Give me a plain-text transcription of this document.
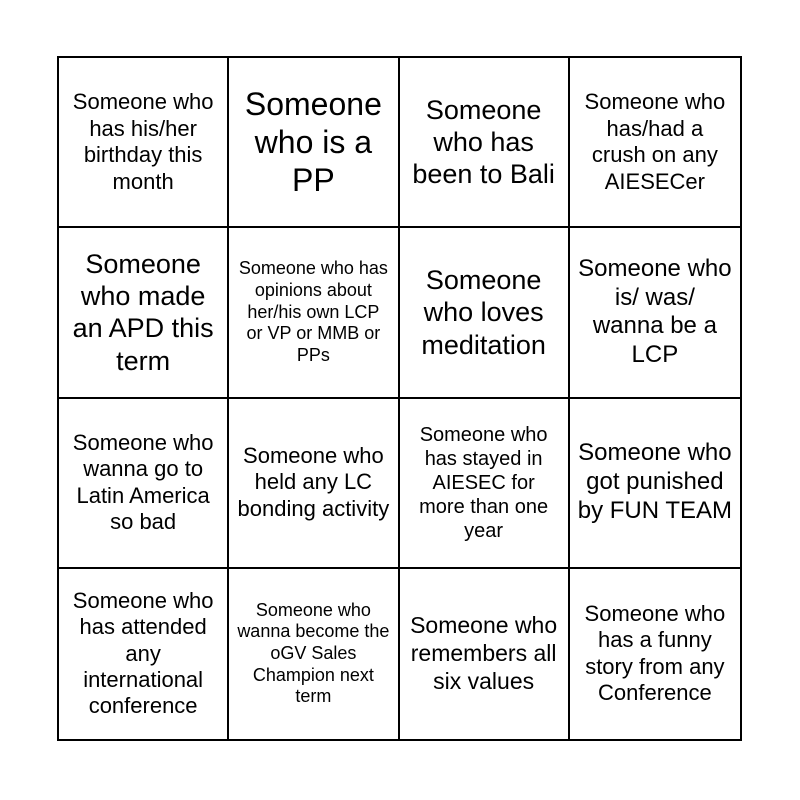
Someone who has his/her birthday this month
Someone who is a PP
Someone who has been to Bali
Someone who has/had a crush on any AIESECer
Someone who made an APD this term
Someone who has opinions about her/his own LCP or VP or MMB or PPs
Someone who loves meditation
Someone who is/ was/ wanna be a LCP
Someone who wanna go to Latin America so bad
Someone who held any LC bonding activity
Someone who has stayed in AIESEC for more than one year
Someone who got punished by FUN TEAM
Someone who has attended any international conference
Someone who wanna become the oGV Sales Champion next term
Someone who remembers all six values
Someone who has a funny story from any Conference
